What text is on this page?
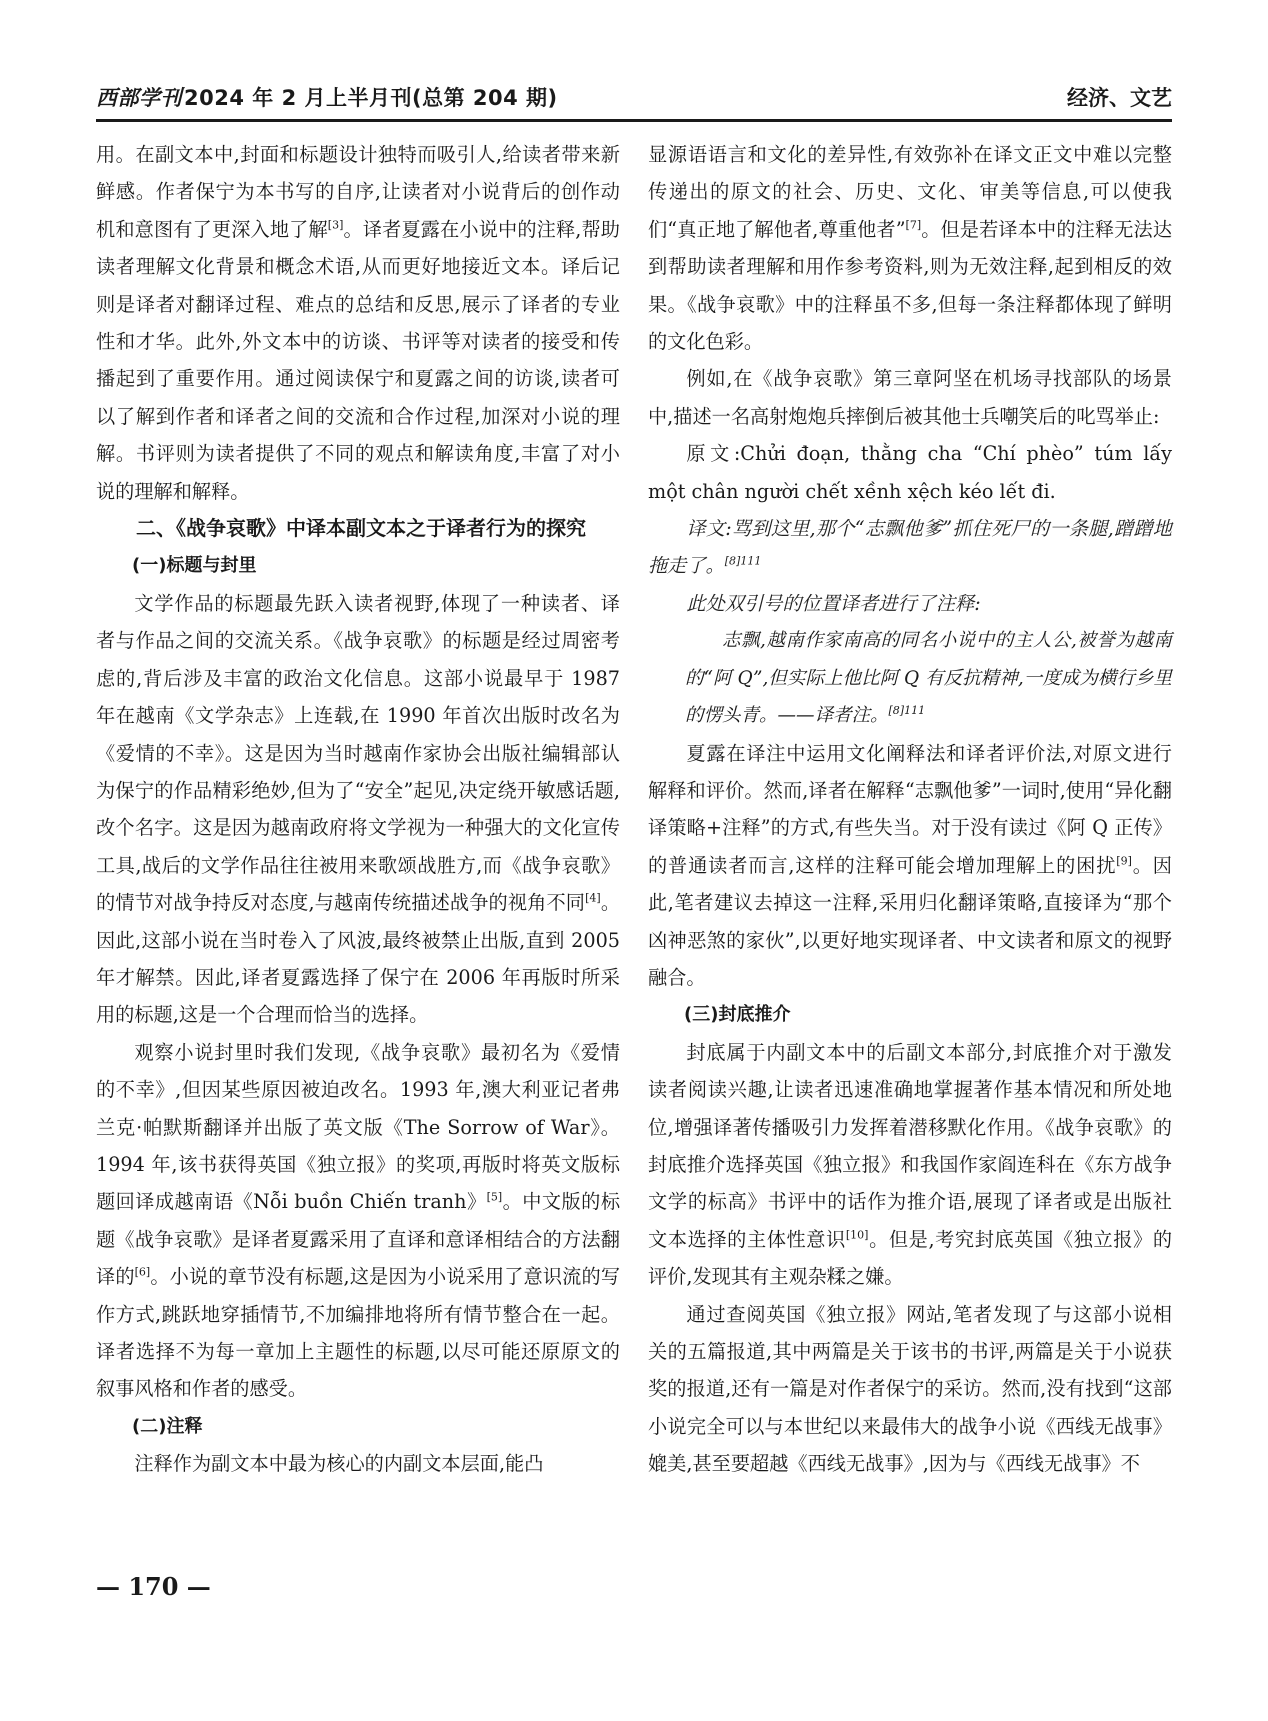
西部学刊2024 年 2 月上半月刊(总第 204 期)	经济、文艺

用。在副文本中,封面和标题设计独特而吸引人,给读者带来新鲜感。作者保宁为本书写的自序,让读者对小说背后的创作动机和意图有了更深入地了解[3]。译者夏露在小说中的注释,帮助读者理解文化背景和概念术语,从而更好地接近文本。译后记则是译者对翻译过程、难点的总结和反思,展示了译者的专业性和才华。此外,外文本中的访谈、书评等对读者的接受和传播起到了重要作用。通过阅读保宁和夏露之间的访谈,读者可以了解到作者和译者之间的交流和合作过程,加深对小说的理解。书评则为读者提供了不同的观点和解读角度,丰富了对小说的理解和解释。

二、《战争哀歌》中译本副文本之于译者行为的探究

(一)标题与封里

文学作品的标题最先跃入读者视野,体现了一种读者、译者与作品之间的交流关系。《战争哀歌》的标题是经过周密考虑的,背后涉及丰富的政治文化信息。这部小说最早于 1987 年在越南《文学杂志》上连载,在 1990 年首次出版时改名为《爱情的不幸》。这是因为当时越南作家协会出版社编辑部认为保宁的作品精彩绝妙,但为了“安全”起见,决定绕开敏感话题,改个名字。这是因为越南政府将文学视为一种强大的文化宣传工具,战后的文学作品往往被用来歌颂战胜方,而《战争哀歌》的情节对战争持反对态度,与越南传统描述战争的视角不同[4]。因此,这部小说在当时卷入了风波,最终被禁止出版,直到 2005 年才解禁。因此,译者夏露选择了保宁在 2006 年再版时所采用的标题,这是一个合理而恰当的选择。

观察小说封里时我们发现,《战争哀歌》最初名为《爱情的不幸》,但因某些原因被迫改名。1993 年,澳大利亚记者弗兰克·帕默斯翻译并出版了英文版《The Sorrow of War》。1994 年,该书获得英国《独立报》的奖项,再版时将英文版标题回译成越南语《Nỗi buồn Chiến tranh》[5]。中文版的标题《战争哀歌》是译者夏露采用了直译和意译相结合的方法翻译的[6]。小说的章节没有标题,这是因为小说采用了意识流的写作方式,跳跃地穿插情节,不加编排地将所有情节整合在一起。译者选择不为每一章加上主题性的标题,以尽可能还原原文的叙事风格和作者的感受。

(二)注释

注释作为副文本中最为核心的内副文本层面,能凸

显源语语言和文化的差异性,有效弥补在译文正文中难以完整传递出的原文的社会、历史、文化、审美等信息,可以使我们“真正地了解他者,尊重他者”[7]。但是若译本中的注释无法达到帮助读者理解和用作参考资料,则为无效注释,起到相反的效果。《战争哀歌》中的注释虽不多,但每一条注释都体现了鲜明的文化色彩。

例如,在《战争哀歌》第三章阿坚在机场寻找部队的场景中,描述一名高射炮炮兵摔倒后被其他士兵嘲笑后的叱骂举止:

原文:Chửi đoạn, thằng cha “Chí phèo” túm lấy một chân người chết xềnh xệch kéo lết đi.

译文:骂到这里,那个“志飘他爹”抓住死尸的一条腿,蹭蹭地拖走了。$^{[8]111}$

此处双引号的位置译者进行了注释:

志飘,越南作家南高的同名小说中的主人公,被誉为越南的“阿 Q”,但实际上他比阿 Q 有反抗精神,一度成为横行乡里的愣头青。——译者注。$^{[8]111}$

夏露在译注中运用文化阐释法和译者评价法,对原文进行解释和评价。然而,译者在解释“志飘他爹”一词时,使用“异化翻译策略+注释”的方式,有些失当。对于没有读过《阿 Q 正传》的普通读者而言,这样的注释可能会增加理解上的困扰[9]。因此,笔者建议去掉这一注释,采用归化翻译策略,直接译为“那个凶神恶煞的家伙”,以更好地实现译者、中文读者和原文的视野融合。

(三)封底推介

封底属于内副文本中的后副文本部分,封底推介对于激发读者阅读兴趣,让读者迅速准确地掌握著作基本情况和所处地位,增强译著传播吸引力发挥着潜移默化作用。《战争哀歌》的封底推介选择英国《独立报》和我国作家阎连科在《东方战争文学的标高》书评中的话作为推介语,展现了译者或是出版社文本选择的主体性意识[10]。但是,考究封底英国《独立报》的评价,发现其有主观杂糅之嫌。

通过查阅英国《独立报》网站,笔者发现了与这部小说相关的五篇报道,其中两篇是关于该书的书评,两篇是关于小说获奖的报道,还有一篇是对作者保宁的采访。然而,没有找到“这部小说完全可以与本世纪以来最伟大的战争小说《西线无战事》媲美,甚至要超越《西线无战事》,因为与《西线无战事》不

— 170 —
